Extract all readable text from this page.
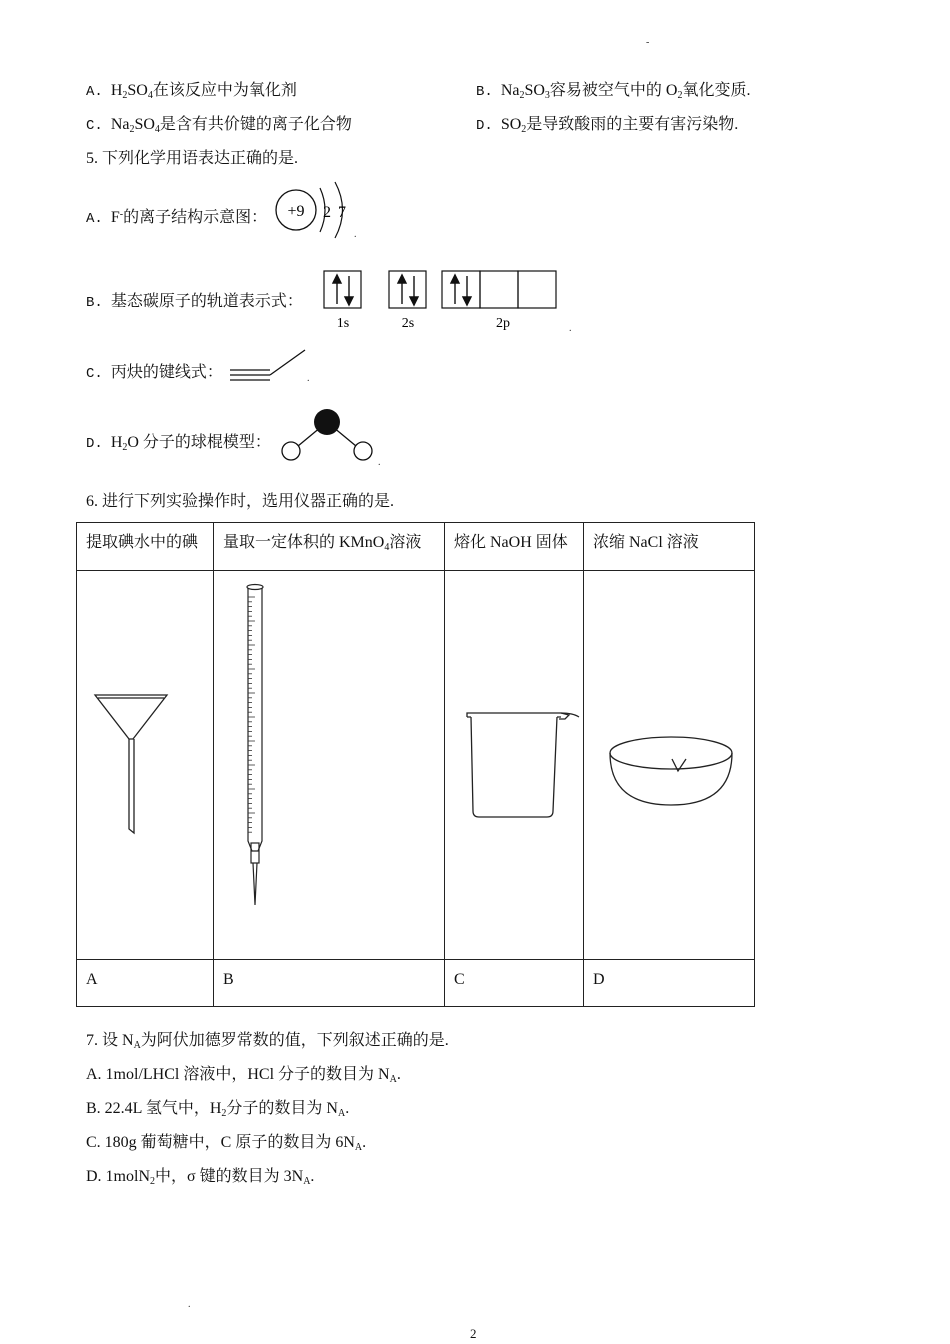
-
A. $H_2SO_4$在该反应中为氧化剂	B. $Na_2SO_3$容易被空气中的 $O_2$氧化变质.
C. $Na_2SO_4$是含有共价键的离子化合物	D. $SO_2$是导致酸雨的主要有害污染物.
5. 下列化学用语表达正确的是.
A. F-的离子结构示意图： +9 2 7
.
B. 基态碳原子的轨道表示式：
1s	2s	2p	.
C. 丙炔的键线式：	.
D. $H_2O$ 分子的球棍模型：
.
6. 进行下列实验操作时，选用仪器正确的是.
提取碘水中的碘	量取一定体积的 KMnO$_4$溶液	熔化 NaOH 固体	浓缩 NaCl 溶液

A	B	C	D
7. 设 $N_A$为阿伏加德罗常数的值，下列叙述正确的是.
A. 1mol/LHCl 溶液中，HCl 分子的数目为 $N_A$.
B. 22.4L 氢气中，$H_2$分子的数目为 $N_A$.
C. 180g 葡萄糖中，C 原子的数目为 $6N_A$.
D. 1molN$_2$中，σ 键的数目为 $3N_A$.
.
2
